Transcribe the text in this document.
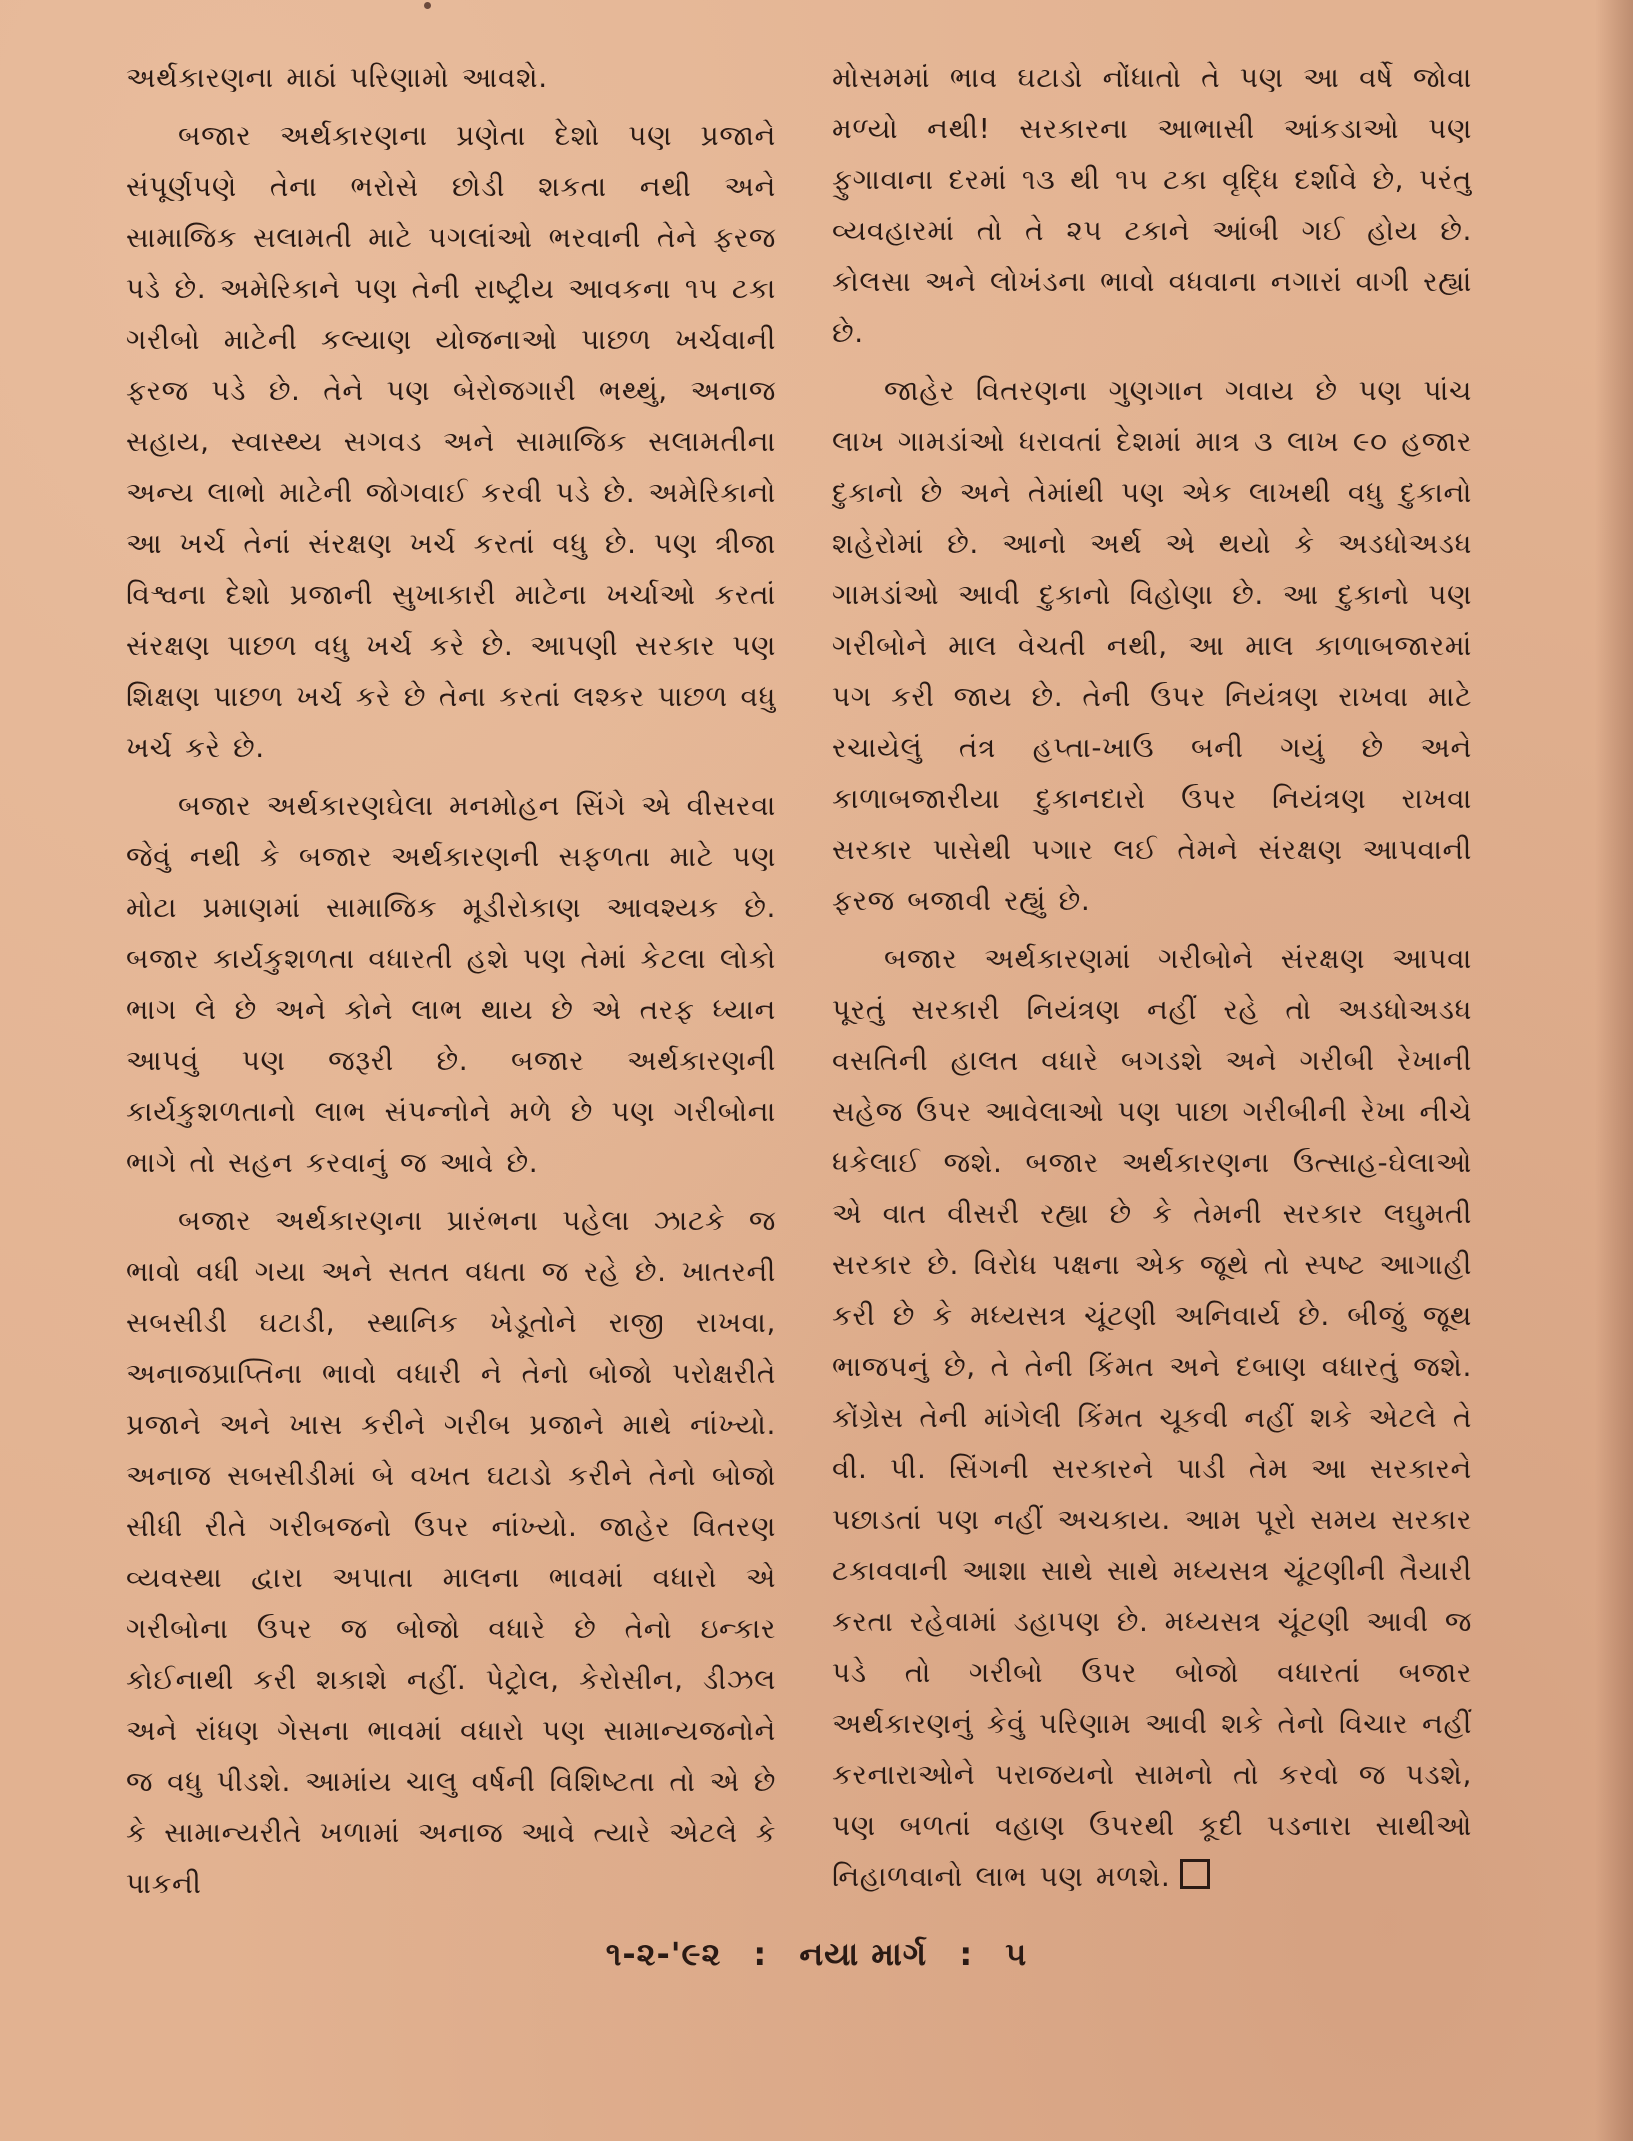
અર્થકારણના માઠાં પરિણામો આવશે.

બજાર અર્થકારણના પ્રણેતા દેશો પણ પ્રજાને સંપૂર્ણપણે તેના ભરોસે છોડી શકતા નથી અને સામાજિક સલામતી માટે પગલાંઓ ભરવાની તેને ફરજ પડે છે. અમેરિકાને પણ તેની રાષ્ટ્રીય આવકના ૧૫ ટકા ગરીબો માટેની કલ્યાણ યોજનાઓ પાછળ ખર્ચવાની ફરજ પડે છે. તેને પણ બેરોજગારી ભથ્થું, અનાજ સહાય, સ્વાસ્થ્ય સગવડ અને સામાજિક સલામતીના અન્ય લાભો માટેની જોગવાઈ કરવી પડે છે. અમેરિકાનો આ ખર્ચ તેનાં સંરક્ષણ ખર્ચ કરતાં વધુ છે. પણ ત્રીજા વિશ્વના દેશો પ્રજાની સુખાકારી માટેના ખર્ચાઓ કરતાં સંરક્ષણ પાછળ વધુ ખર્ચ કરે છે. આપણી સરકાર પણ શિક્ષણ પાછળ ખર્ચ કરે છે તેના કરતાં લશ્કર પાછળ વધુ ખર્ચ કરે છે.

બજાર અર્થકારણઘેલા મનમોહન સિંગે એ વીસરવા જેવું નથી કે બજાર અર્થકારણની સફળતા માટે પણ મોટા પ્રમાણમાં સામાજિક મૂડીરોકાણ આવશ્યક છે. બજાર કાર્યકુશળતા વધારતી હશે પણ તેમાં કેટલા લોકો ભાગ લે છે અને કોને લાભ થાય છે એ તરફ ધ્યાન આપવું પણ જરૂરી છે. બજાર અર્થકારણની કાર્યકુશળતાનો લાભ સંપન્નોને મળે છે પણ ગરીબોના ભાગે તો સહન કરવાનું જ આવે છે.

બજાર અર્થકારણના પ્રારંભના પહેલા ઝાટકે જ ભાવો વધી ગયા અને સતત વધતા જ રહે છે. ખાતરની સબસીડી ઘટાડી, સ્થાનિક ખેડૂતોને રાજી રાખવા, અનાજપ્રાપ્તિના ભાવો વધારી ને તેનો બોજો પરોક્ષરીતે પ્રજાને અને ખાસ કરીને ગરીબ પ્રજાને માથે નાંખ્યો. અનાજ સબસીડીમાં બે વખત ઘટાડો કરીને તેનો બોજો સીધી રીતે ગરીબજનો ઉપર નાંખ્યો. જાહેર વિતરણ વ્યવસ્થા દ્વારા અપાતા માલના ભાવમાં વધારો એ ગરીબોના ઉપર જ બોજો વધારે છે તેનો ઇન્કાર કોઈનાથી કરી શકાશે નહીં. પેટ્રોલ, કેરોસીન, ડીઝલ અને રાંધણ ગેસના ભાવમાં વધારો પણ સામાન્યજનોને જ વધુ પીડશે. આમાંય ચાલુ વર્ષની વિશિષ્ટતા તો એ છે કે સામાન્યરીતે ખળામાં અનાજ આવે ત્યારે એટલે કે પાકની

મોસમમાં ભાવ ઘટાડો નોંધાતો તે પણ આ વર્ષે જોવા મળ્યો નથી! સરકારના આભાસી આંકડાઓ પણ ફુગાવાના દરમાં ૧૩ થી ૧૫ ટકા વૃદ્ધિ દર્શાવે છે, પરંતુ વ્યવહારમાં તો તે ૨૫ ટકાને આંબી ગઈ હોય છે. કોલસા અને લોખંડના ભાવો વધવાના નગારાં વાગી રહ્યાં છે.

જાહેર વિતરણના ગુણગાન ગવાય છે પણ પાંચ લાખ ગામડાંઓ ધરાવતાં દેશમાં માત્ર ૩ લાખ ૯૦ હજાર દુકાનો છે અને તેમાંથી પણ એક લાખથી વધુ દુકાનો શહેરોમાં છે. આનો અર્થ એ થયો કે અડધોઅડધ ગામડાંઓ આવી દુકાનો વિહોણા છે. આ દુકાનો પણ ગરીબોને માલ વેચતી નથી, આ માલ કાળાબજારમાં પગ કરી જાય છે. તેની ઉપર નિયંત્રણ રાખવા માટે રચાયેલું તંત્ર હપ્તા-ખાઉ બની ગયું છે અને કાળાબજારીયા દુકાનદારો ઉપર નિયંત્રણ રાખવા સરકાર પાસેથી પગાર લઈ તેમને સંરક્ષણ આપવાની ફરજ બજાવી રહ્યું છે.

બજાર અર્થકારણમાં ગરીબોને સંરક્ષણ આપવા પૂરતું સરકારી નિયંત્રણ નહીં રહે તો અડધોઅડધ વસતિની હાલત વધારે બગડશે અને ગરીબી રેખાની સહેજ ઉપર આવેલાઓ પણ પાછા ગરીબીની રેખા નીચે ધકેલાઈ જશે. બજાર અર્થકારણના ઉત્સાહ-ઘેલાઓ એ વાત વીસરી રહ્યા છે કે તેમની સરકાર લઘુમતી સરકાર છે. વિરોધ પક્ષના એક જૂથે તો સ્પષ્ટ આગાહી કરી છે કે મધ્યસત્ર ચૂંટણી અનિવાર્ય છે. બીજું જૂથ ભાજપનું છે, તે તેની કિંમત અને દબાણ વધારતું જશે. કોંગ્રેસ તેની માંગેલી કિંમત ચૂકવી નહીં શકે એટલે તે વી. પી. સિંગની સરકારને પાડી તેમ આ સરકારને પછાડતાં પણ નહીં અચકાય. આમ પૂરો સમય સરકાર ટકાવવાની આશા સાથે સાથે મધ્યસત્ર ચૂંટણીની તૈયારી કરતા રહેવામાં ડહાપણ છે. મધ્યસત્ર ચૂંટણી આવી જ પડે તો ગરીબો ઉપર બોજો વધારતાં બજાર અર્થકારણનું કેવું પરિણામ આવી શકે તેનો વિચાર નહીં કરનારાઓને પરાજયનો સામનો તો કરવો જ પડશે, પણ બળતાં વહાણ ઉપરથી કૂદી પડનારા સાથીઓ નિહાળવાનો લાભ પણ મળશે.

૧-૨-'૯૨ : નયા માર્ગ : ૫
